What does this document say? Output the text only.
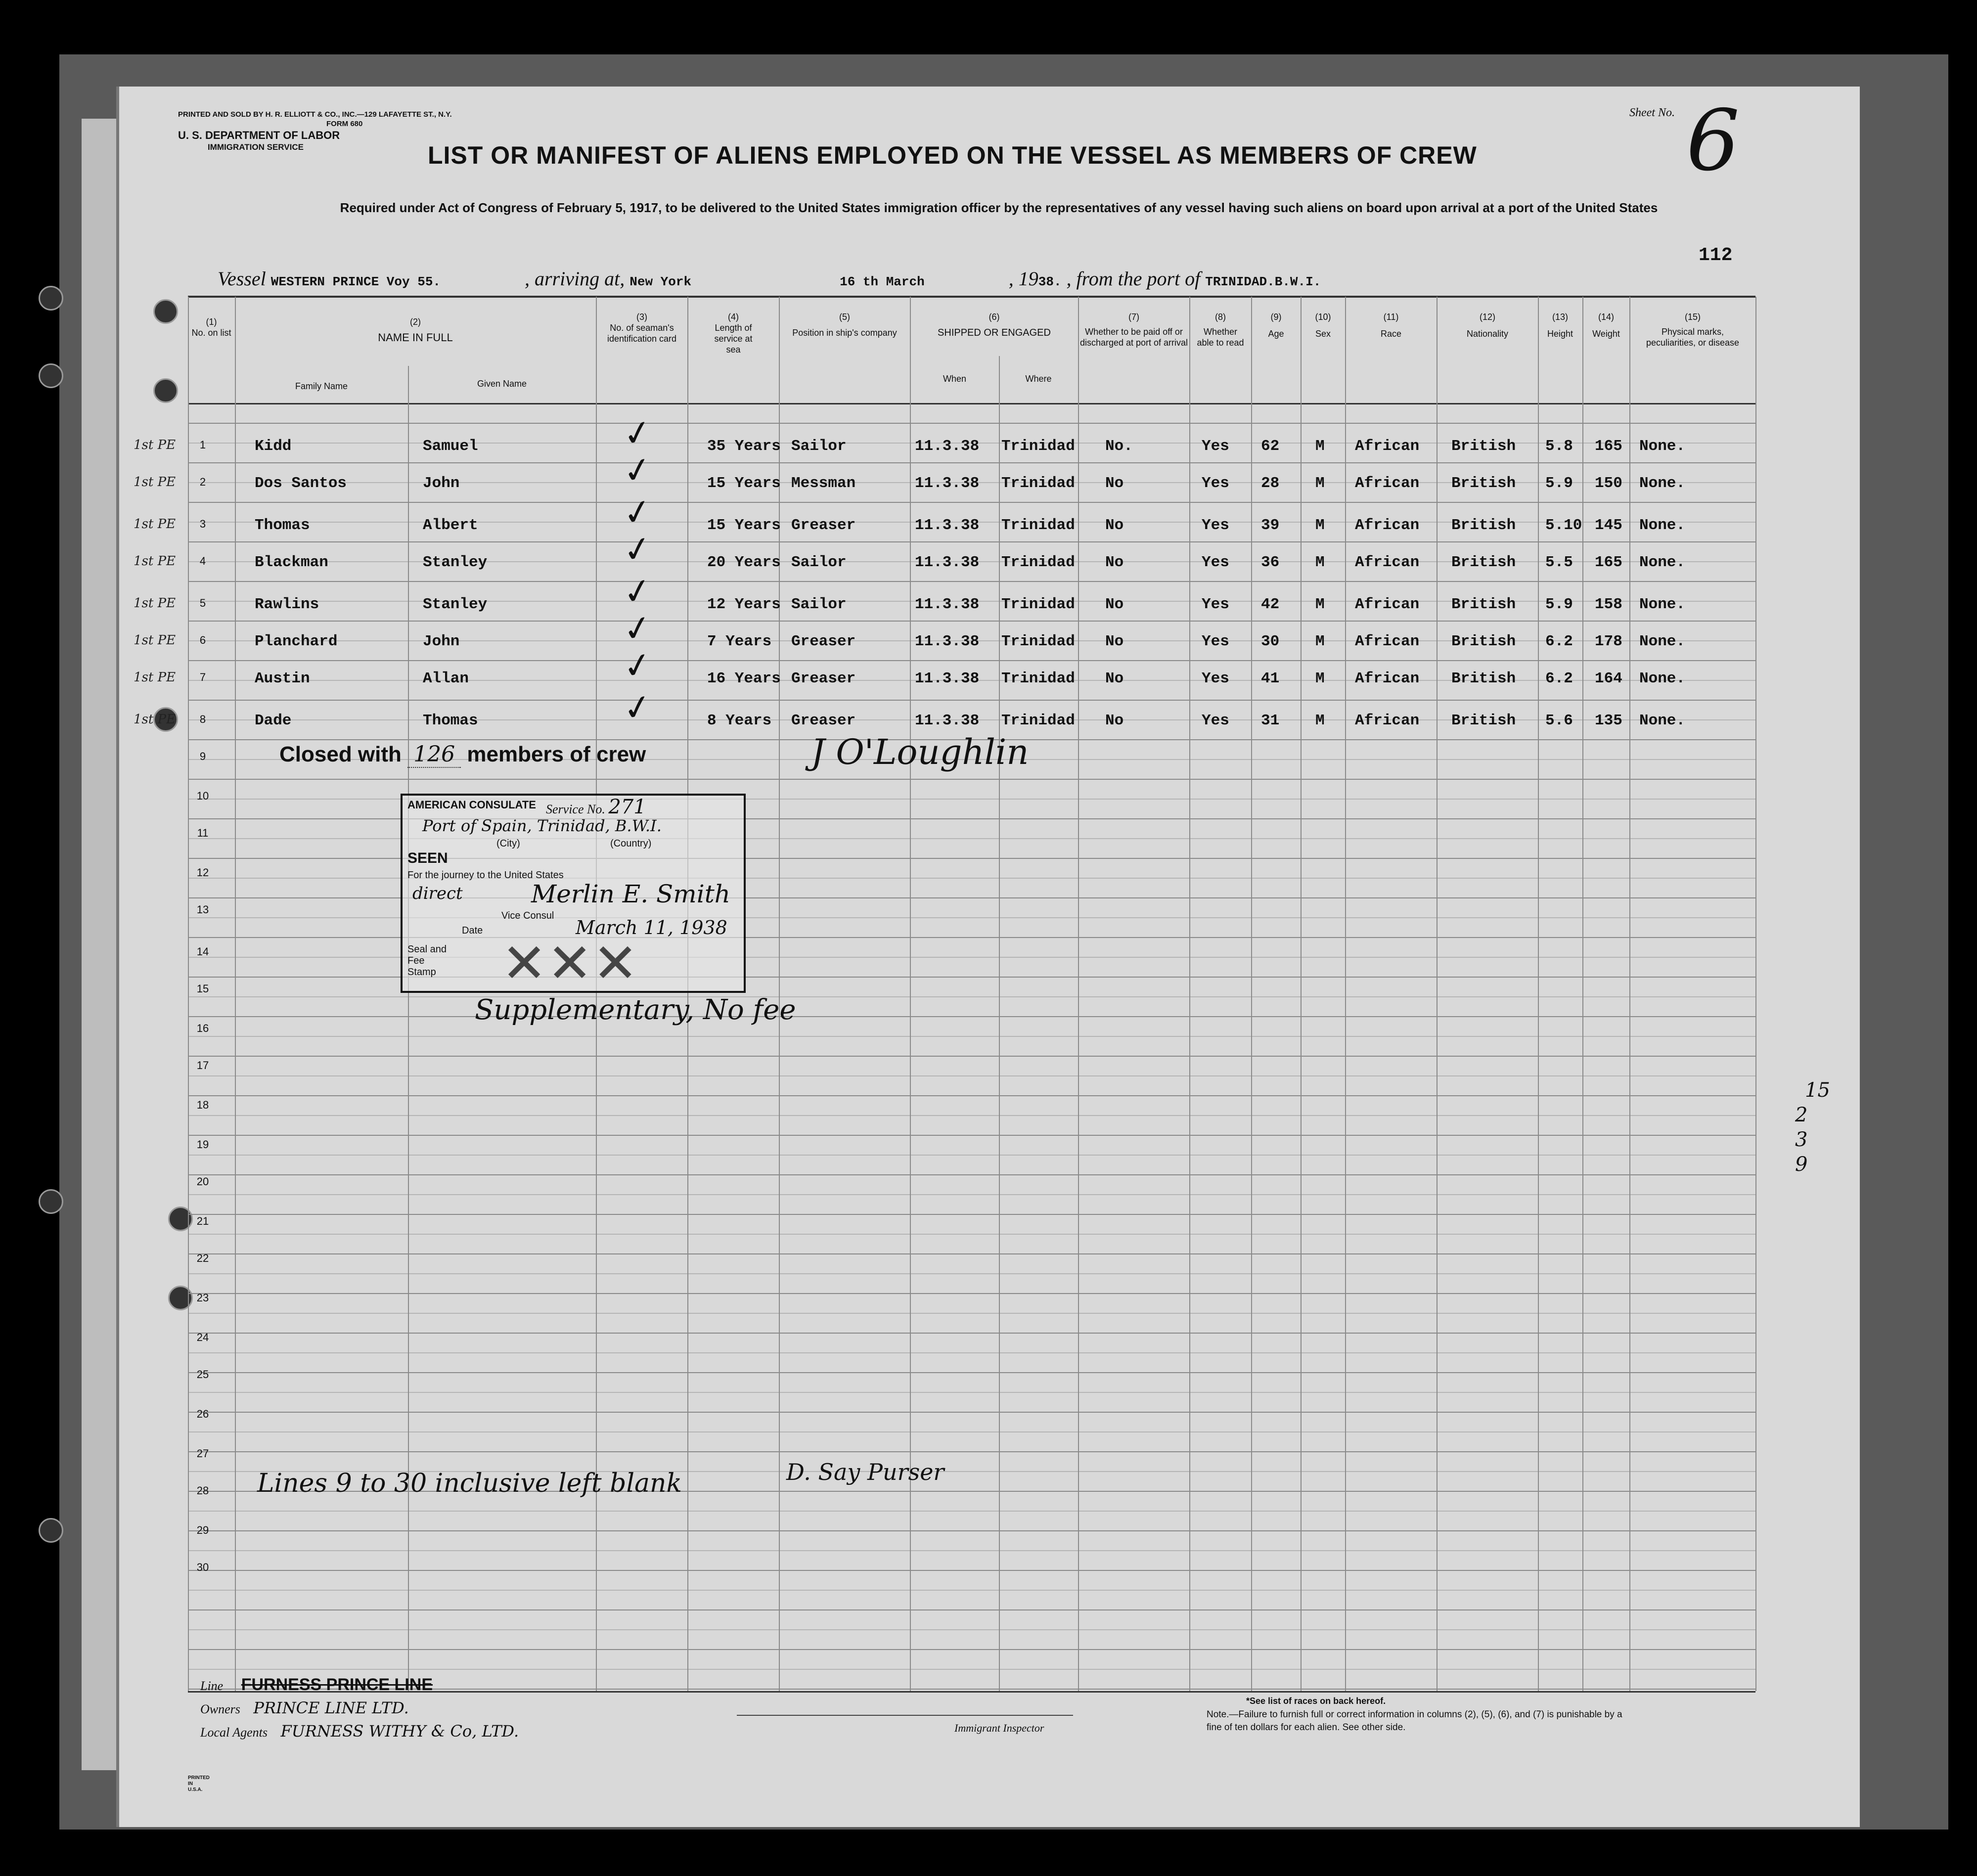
PRINTED AND SOLD BY H. R. ELLIOTT & CO., INC.—129 LAFAYETTE ST., N.Y.
FORM 680
U. S. DEPARTMENT OF LABOR
IMMIGRATION SERVICE
Sheet No. 6
LIST OR MANIFEST OF ALIENS EMPLOYED ON THE VESSEL AS MEMBERS OF CREW
Required under Act of Congress of February 5, 1917, to be delivered to the United States immigration officer by the representatives of any vessel having such aliens on board upon arrival at a port of the United States
Vessel WESTERN PRINCE Voy 55.	, arriving at, New York	16 th March	, 1938. , from the port of TRINIDAD.B.W.I.
112
(1)
No. on list
(2)
NAME IN FULL
Family Name	Given Name
(3)
No. of seaman's identification card
(4)
Length of service at sea
(5)
Position in ship's company
(6)
SHIPPED OR ENGAGED
When	Where
(7)
Whether to be paid off or discharged at port of arrival
(8)
Whether able to read
(9)
Age
(10)
Sex
(11)
Race
(12)
Nationality
(13)
Height
(14)
Weight
(15)
Physical marks, peculiarities, or disease
1st PE	1	Kidd	Samuel	35 Years Sailor	11.3.38 Trinidad No.	Yes 62 M African British 5.8 165 None.
✓
1st PE	2	Dos Santos	John	15 Years Messman	11.3.38 Trinidad No	Yes 28 M African British 5.9 150 None.
✓
1st PE	3	Thomas	Albert	15 Years Greaser	11.3.38 Trinidad No	Yes 39 M African British 5.10 145 None.
✓
1st PE	4	Blackman	Stanley	20 Years Sailor	11.3.38 Trinidad No	Yes 36 M African British 5.5 165 None.
✓
1st PE	5	Rawlins	Stanley	12 Years Sailor	11.3.38 Trinidad No	Yes 42 M African British 5.9 158 None.
✓
1st PE	6	Planchard	John	7 Years Greaser	11.3.38 Trinidad No	Yes 30 M African British 6.2 178 None.
✓
1st PE	7	Austin	Allan	16 Years Greaser	11.3.38 Trinidad No	Yes 41 M African British 6.2 164 None.
✓
1st PE	8	Dade	Thomas	8 Years Greaser	11.3.38 Trinidad No	Yes 31 M African British 5.6 135 None.
✓
9
10
11
12
13
14
15
16
17
18
19
20
21
22
23
24
25
26
27
28
29
30
Closed with 126 members of crew	J O'Loughlin
AMERICAN CONSULATE Service No. 271
Port of Spain, Trinidad, B.W.I.
(City)	(Country)
SEEN
For the journey to the United States
direct	Merlin E. Smith
Vice Consul
Date	March 11, 1938
Seal and Fee Stamp ✕✕✕
Supplementary, No fee
Lines 9 to 30 inclusive left blank	D. Say Purser
15
2
3
9
Line FURNESS PRINCE LINE
Owners PRINCE LINE LTD.
Local Agents FURNESS WITHY & Co, LTD.	Immigrant Inspector
*See list of races on back hereof.
Note.—Failure to furnish full or correct information in columns (2), (5), (6), and (7) is punishable by a fine of ten dollars for each alien. See other side.
PRINTED
IN
U.S.A.
